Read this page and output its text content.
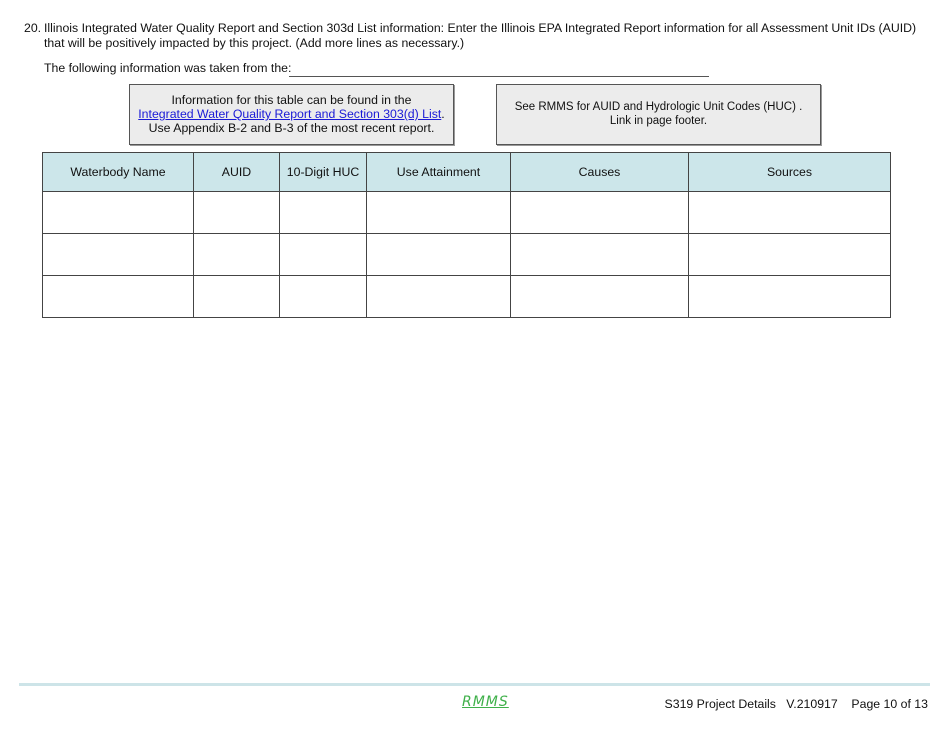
20. Illinois Integrated Water Quality Report and Section 303d List information: Enter the Illinois EPA Integrated Report information for all Assessment Unit IDs (AUID) that will be positively impacted by this project. (Add more lines as necessary.)
The following information was taken from the:
Information for this table can be found in the
Integrated Water Quality Report and Section 303(d) List.
Use Appendix B-2 and B-3 of the most recent report.
See RMMS for AUID and Hydrologic Unit Codes (HUC) .
Link in page footer.
Waterbody Name	AUID	10-Digit HUC	Use Attainment	Causes	Sources

RMMS	S319 Project Details V.210917 Page 10 of 13
